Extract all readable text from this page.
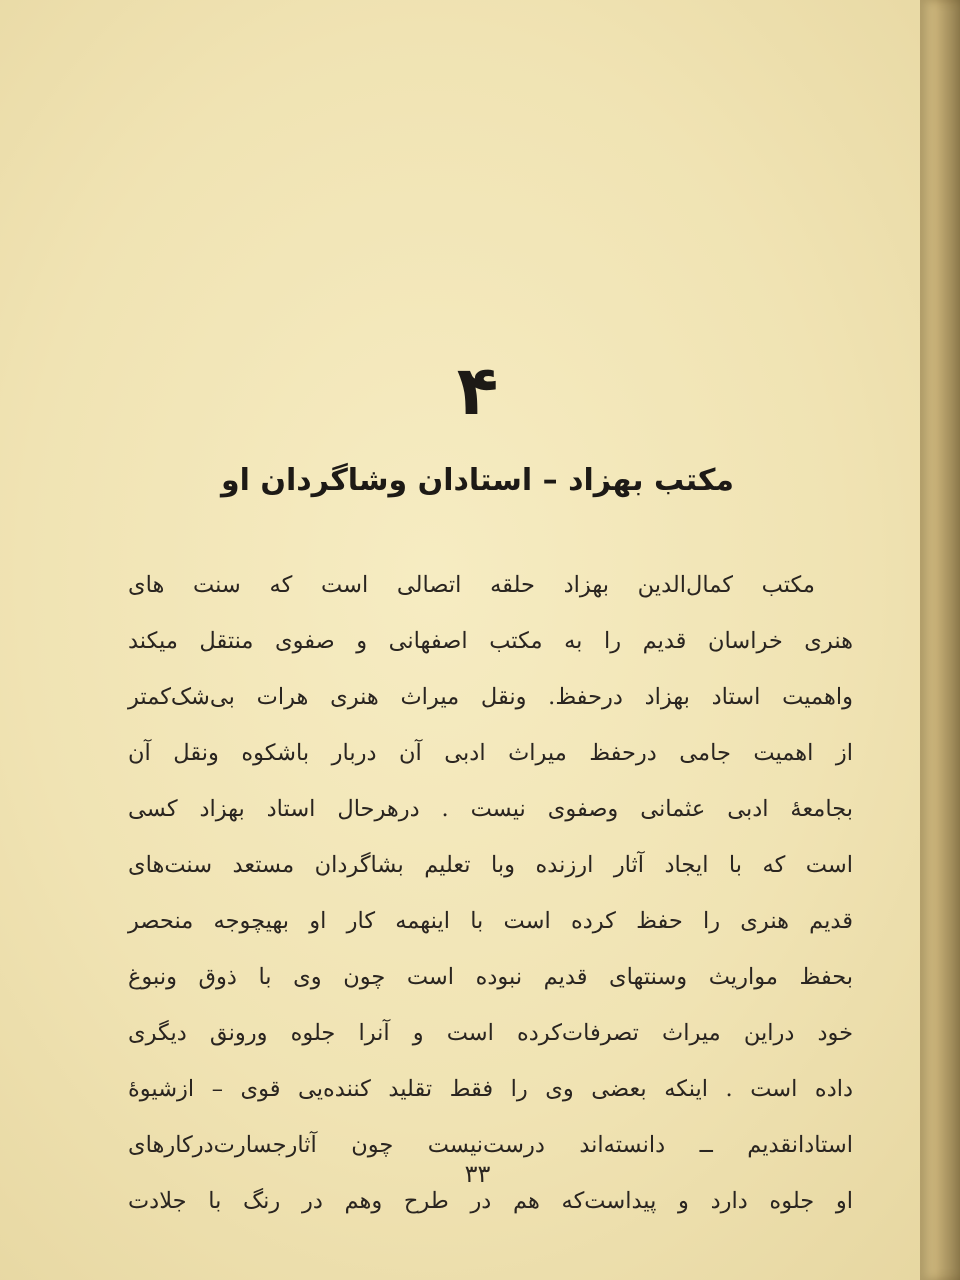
۴
مکتب بهزاد – استادان وشاگردان او
مکتب کمال‌الدین بهزاد حلقه اتصالی است که سنت های
هنری خراسان قدیم را به مکتب اصفهانی و صفوی منتقل میکند
واهمیت استاد بهزاد درحفظ. ونقل میراث هنری هرات بی‌شک‌کمتر
از اهمیت جامی درحفظ میراث ادبی آن دربار باشکوه ونقل آن
بجامعهٔ ادبی عثمانی وصفوی نیست . درهرحال استاد بهزاد کسی
است که با ایجاد آثار ارزنده وبا تعلیم بشاگردان مستعد سنت‌های
قدیم هنری را حفظ کرده است با اینهمه کار او بهیچوجه منحصر
بحفظ مواریث وسنتهای قدیم نبوده است چون وی با ذوق ونبوغ
خود دراین میراث تصرفات‌کرده است و آنرا جلوه ورونق دیگری
داده است . اینکه بعضی وی را فقط تقلید کننده‌یی قوی – ازشیوهٔ
استادانقدیم ــ دانسته‌اند درست‌نیست چون آثارجسارت‌درکارهای
او جلوه دارد و پیداست‌که هم در طرح وهم در رنگ با جلادت
۳۳
